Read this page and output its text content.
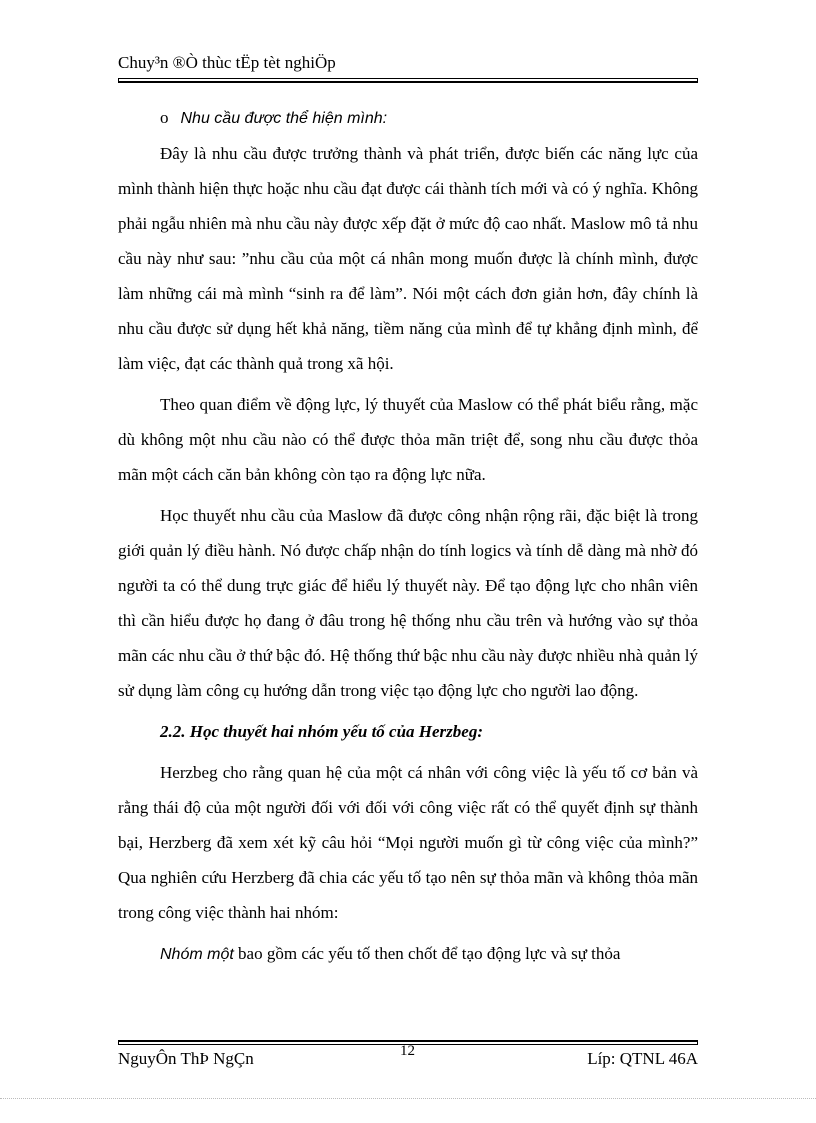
Chuy³n ®Ò thùc tËp tèt nghiÖp

o Nhu cầu được thể hiện mình:

Đây là nhu cầu được trưởng thành và phát triển, được biến các năng lực của mình thành hiện thực hoặc nhu cầu đạt được cái thành tích mới và có ý nghĩa. Không phải ngẫu nhiên mà nhu cầu này được xếp đặt ở mức độ cao nhất. Maslow mô tả nhu cầu này như sau: ”nhu cầu của một cá nhân mong muốn được là chính mình, được làm những cái mà mình “sinh ra để làm”. Nói một cách đơn giản hơn, đây chính là nhu cầu được sử dụng hết khả năng, tiềm năng của mình để tự khẳng định mình, để làm việc, đạt các thành quả trong xã hội.

Theo quan điểm về động lực, lý thuyết của Maslow có thể phát biểu rằng, mặc dù không một nhu cầu nào có thể được thỏa mãn triệt để, song nhu cầu được thỏa mãn một cách căn bản không còn tạo ra động lực nữa.

Học thuyết nhu cầu của Maslow đã được công nhận rộng rãi, đặc biệt là trong giới quản lý điều hành. Nó được chấp nhận do tính logics và tính dễ dàng mà nhờ đó người ta có thể dung trực giác để hiểu lý thuyết này. Để tạo động lực cho nhân viên thì cần hiểu được họ đang ở đâu trong hệ thống nhu cầu trên và hướng vào sự thỏa mãn các nhu cầu ở thứ bậc đó. Hệ thống thứ bậc nhu cầu này được nhiều nhà quản lý sử dụng làm công cụ hướng dẫn trong việc tạo động lực cho người lao động.

2.2. Học thuyết hai nhóm yếu tố của Herzbeg:

Herzbeg cho rằng quan hệ của một cá nhân với công việc là yếu tố cơ bản và rằng thái độ của một người đối với đối với công việc rất có thể quyết định sự thành bại, Herzberg đã xem xét kỹ câu hỏi “Mọi người muốn gì từ công việc của mình?” Qua nghiên cứu Herzberg đã chia các yếu tố tạo nên sự thỏa mãn và không thỏa mãn trong công việc thành hai nhóm:

Nhóm một bao gồm các yếu tố then chốt để tạo động lực và sự thỏa

NguyÔn ThÞ NgÇn	12	Líp: QTNL 46A
